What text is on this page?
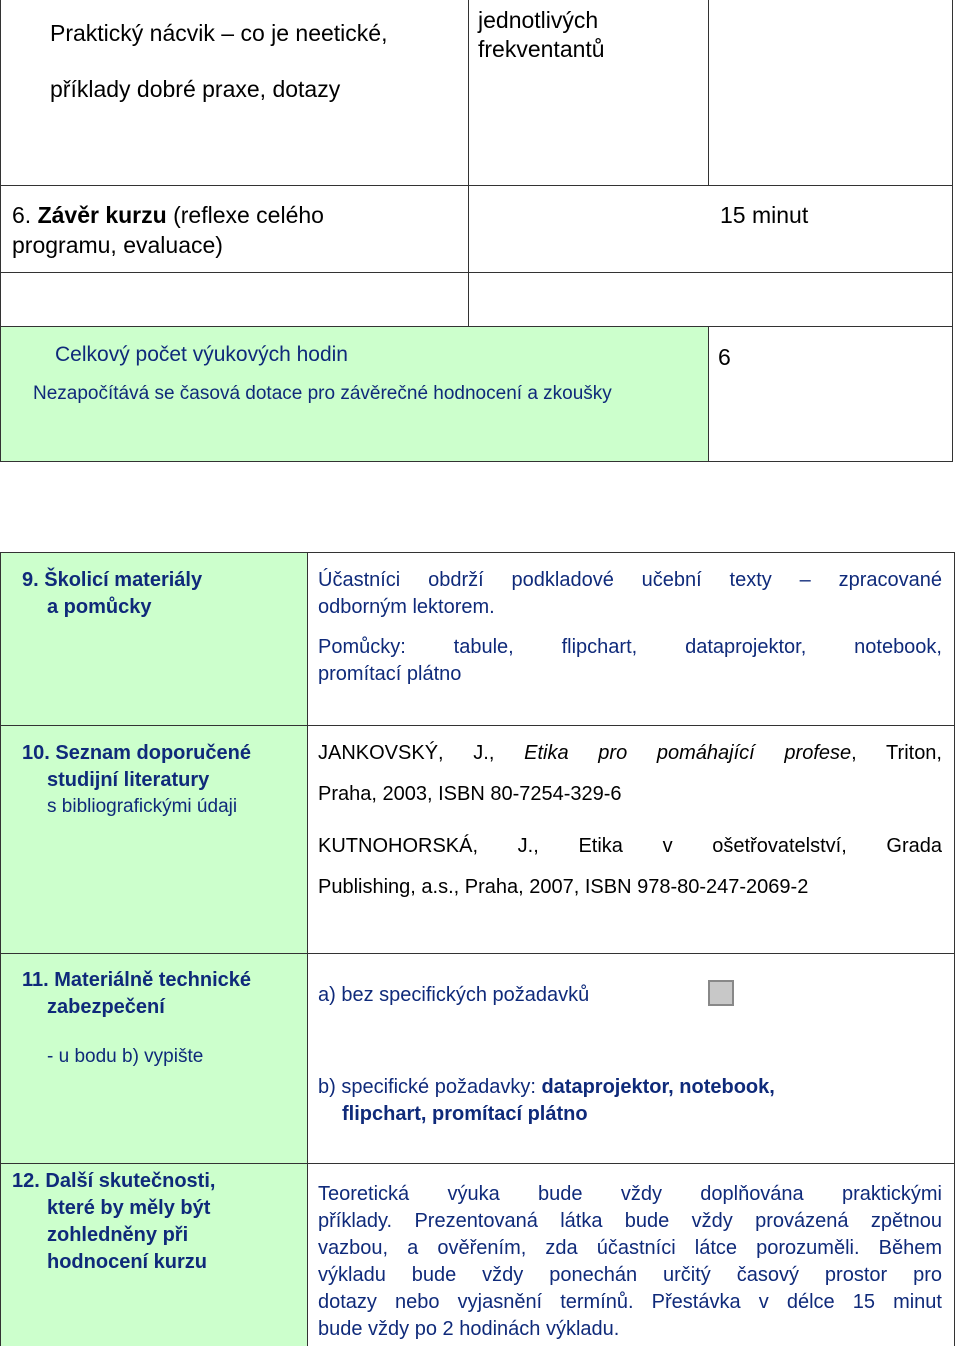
Praktický nácvik – co je neetické,
příklady dobré praxe, dotazy
jednotlivých
frekventantů
6. Závěr kurzu (reflexe celého
programu, evaluace)
15 minut
Celkový počet výukových hodin
Nezapočítává se časová dotace pro závěrečné hodnocení a zkoušky
6
9. Školicí materiály
a pomůcky
Účastníci obdrží podkladové učební texty – zpracované
odborným lektorem.
Pomůcky: tabule, flipchart, dataprojektor, notebook,
promítací plátno
10. Seznam doporučené
studijní literatury
s bibliografickými údaji
JANKOVSKÝ, J., Etika pro pomáhající profese, Triton,
Praha, 2003, ISBN 80-7254-329-6
KUTNOHORSKÁ, J., Etika v ošetřovatelství, Grada
Publishing, a.s., Praha, 2007, ISBN 978-80-247-2069-2
11. Materiálně technické
zabezpečení
- u bodu b) vypište
a) bez specifických požadavků
b) specifické požadavky: dataprojektor, notebook,
flipchart, promítací plátno
12. Další skutečnosti,
které by měly být
zohledněny při
hodnocení kurzu
Teoretická výuka bude vždy doplňována praktickými
příklady. Prezentovaná látka bude vždy provázená zpětnou
vazbou, a ověřením, zda účastníci látce porozuměli. Během
výkladu bude vždy ponechán určitý časový prostor pro
dotazy nebo vyjasnění termínů. Přestávka v délce 15 minut
bude vždy po 2 hodinách výkladu.
